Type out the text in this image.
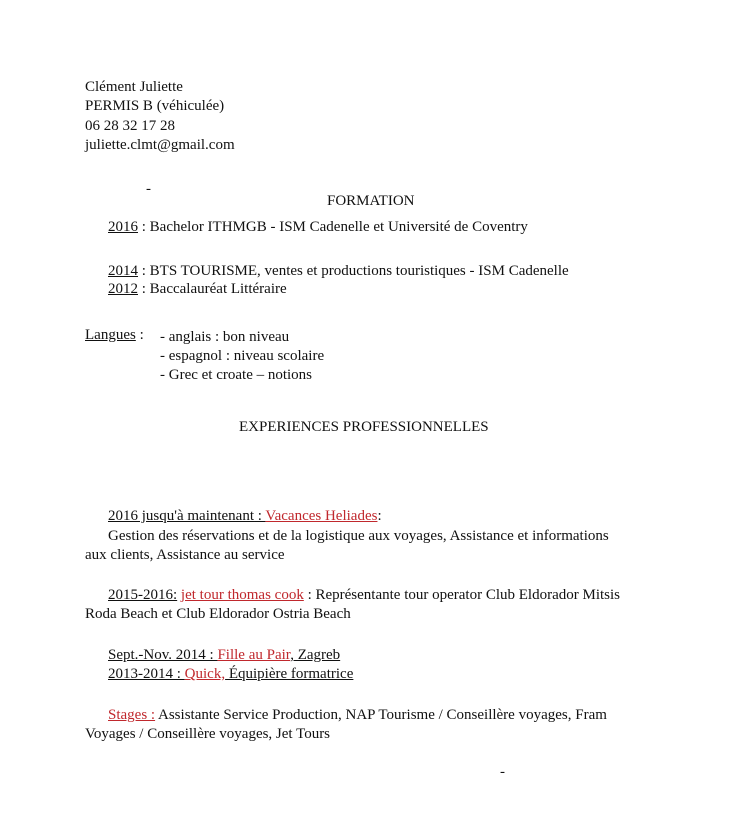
Clément Juliette
PERMIS B (véhiculée)
06 28 32 17 28
juliette.clmt@gmail.com
-
FORMATION
2016 : Bachelor ITHMGB - ISM Cadenelle et Université de Coventry
2014 : BTS TOURISME, ventes et productions touristiques - ISM Cadenelle
2012 : Baccalauréat Littéraire
Langues : - anglais : bon niveau
- espagnol : niveau scolaire
- Grec et croate – notions
EXPERIENCES PROFESSIONNELLES
2016 jusqu'à maintenant : Vacances Heliades:
Gestion des réservations et de la logistique aux voyages, Assistance et informations
aux clients, Assistance au service
2015-2016: jet tour thomas cook : Représentante tour operator Club Eldorador Mitsis
Roda Beach et Club Eldorador Ostria Beach
Sept.-Nov. 2014 : Fille au Pair, Zagreb
2013-2014 : Quick, Équipière formatrice
Stages : Assistante Service Production, NAP Tourisme / Conseillère voyages, Fram
Voyages / Conseillère voyages, Jet Tours
-
